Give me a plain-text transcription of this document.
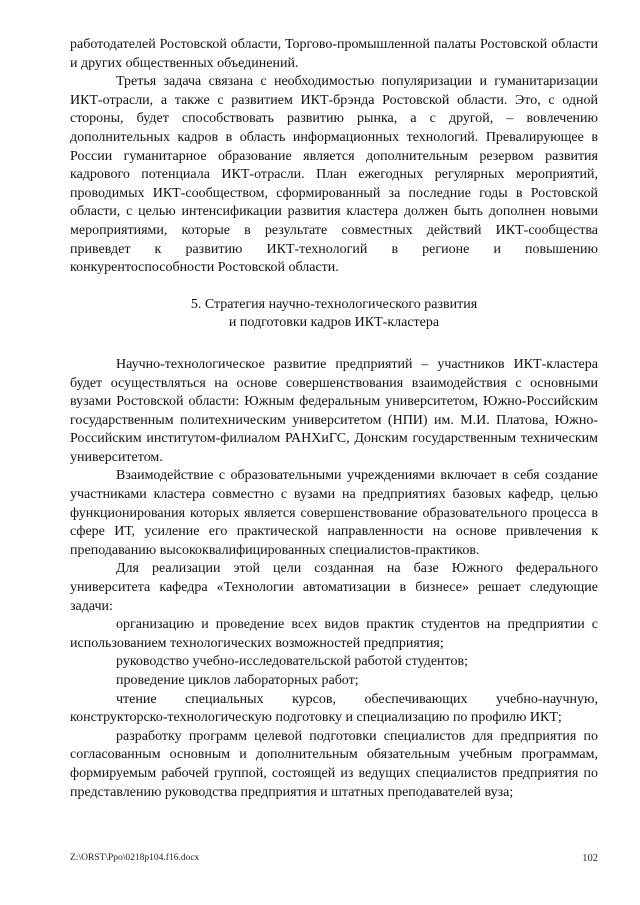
работодателей Ростовской области, Торгово-промышленной палаты Ростовской области и других общественных объединений.

Третья задача связана с необходимостью популяризации и гуманитаризации ИКТ-отрасли, а также с развитием ИКТ-брэнда Ростовской области. Это, с одной стороны, будет способствовать развитию рынка, а с другой, – вовлечению дополнительных кадров в область информационных технологий. Превалирующее в России гуманитарное образование является дополнительным резервом развития кадрового потенциала ИКТ-отрасли. План ежегодных регулярных мероприятий, проводимых ИКТ-сообществом, сформированный за последние годы в Ростовской области, с целью интенсификации развития кластера должен быть дополнен новыми мероприятиями, которые в результате совместных действий ИКТ-сообщества привевдет к развитию ИКТ-технологий в регионе и повышению конкурентоспособности Ростовской области.

5. Стратегия научно-технологического развития
и подготовки кадров ИКТ-кластера

Научно-технологическое развитие предприятий – участников ИКТ-кластера будет осуществляться на основе совершенствования взаимодействия с основными вузами Ростовской области: Южным федеральным университетом, Южно-Российским государственным политехническим университетом (НПИ) им. М.И. Платова, Южно-Российским институтом-филиалом РАНХиГС, Донским государственным техническим университетом.

Взаимодействие с образовательными учреждениями включает в себя создание участниками кластера совместно с вузами на предприятиях базовых кафедр, целью функционирования которых является совершенствование образовательного процесса в сфере ИТ, усиление его практической направленности на основе привлечения к преподаванию высококвалифицированных специалистов-практиков.

Для реализации этой цели созданная на базе Южного федерального университета кафедра «Технологии автоматизации в бизнесе» решает следующие задачи:

организацию и проведение всех видов практик студентов на предприятии с использованием технологических возможностей предприятия;

руководство учебно-исследовательской работой студентов;

проведение циклов лабораторных работ;

чтение специальных курсов, обеспечивающих учебно-научную, конструкторско-технологическую подготовку и специализацию по профилю ИКТ;

разработку программ целевой подготовки специалистов для предприятия по согласованным основным и дополнительным обязательным учебным программам, формируемым рабочей группой, состоящей из ведущих специалистов предприятия по представлению руководства предприятия и штатных преподавателей вуза;

Z:\ORST\Ppo\0218p104.f16.docx	102
